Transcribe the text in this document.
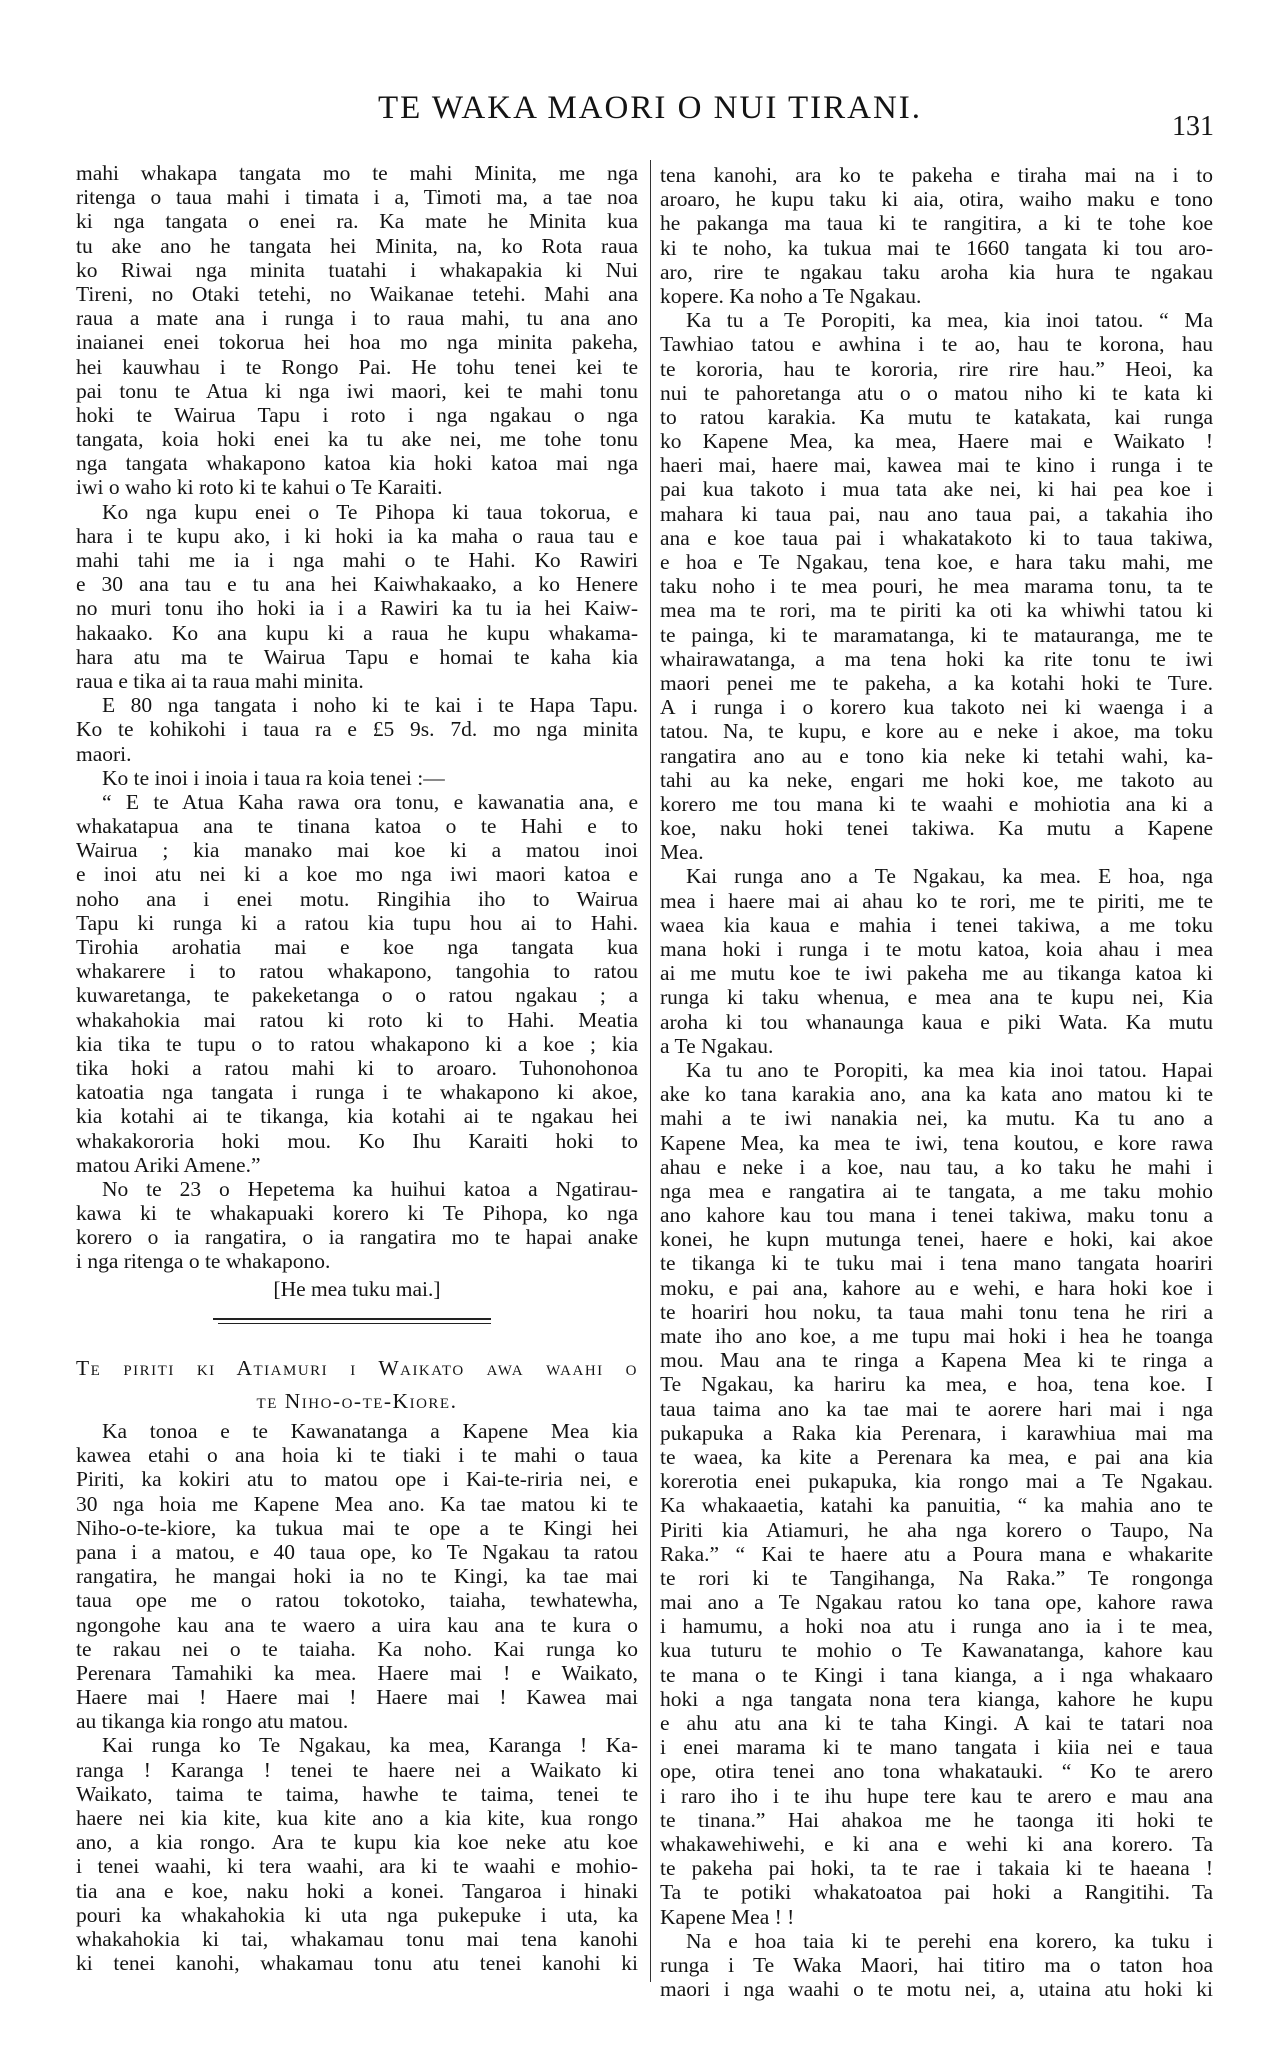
TE WAKA MAORI O NUI TIRANI.
131
mahi whakapa tangata mo te mahi Minita, me nga
ritenga o taua mahi i timata i a, Timoti ma, a tae noa
ki nga tangata o enei ra. Ka mate he Minita kua
tu ake ano he tangata hei Minita, na, ko Rota raua
ko Riwai nga minita tuatahi i whakapakia ki Nui
Tireni, no Otaki tetehi, no Waikanae tetehi. Mahi ana
raua a mate ana i runga i to raua mahi, tu ana ano
inaianei enei tokorua hei hoa mo nga minita pakeha,
hei kauwhau i te Rongo Pai. He tohu tenei kei te
pai tonu te Atua ki nga iwi maori, kei te mahi tonu
hoki te Wairua Tapu i roto i nga ngakau o nga
tangata, koia hoki enei ka tu ake nei, me tohe tonu
nga tangata whakapono katoa kia hoki katoa mai nga
iwi o waho ki roto ki te kahui o Te Karaiti.
Ko nga kupu enei o Te Pihopa ki taua tokorua, e
hara i te kupu ako, i ki hoki ia ka maha o raua tau e
mahi tahi me ia i nga mahi o te Hahi. Ko Rawiri
e 30 ana tau e tu ana hei Kaiwhakaako, a ko Henere
no muri tonu iho hoki ia i a Rawiri ka tu ia hei Kaiw-
hakaako. Ko ana kupu ki a raua he kupu whakama-
hara atu ma te Wairua Tapu e homai te kaha kia
raua e tika ai ta raua mahi minita.
E 80 nga tangata i noho ki te kai i te Hapa Tapu.
Ko te kohikohi i taua ra e £5 9s. 7d. mo nga minita
maori.
Ko te inoi i inoia i taua ra koia tenei :—
“ E te Atua Kaha rawa ora tonu, e kawanatia ana, e
whakatapua ana te tinana katoa o te Hahi e to
Wairua ; kia manako mai koe ki a matou inoi
e inoi atu nei ki a koe mo nga iwi maori katoa e
noho ana i enei motu. Ringihia iho to Wairua
Tapu ki runga ki a ratou kia tupu hou ai to Hahi.
Tirohia arohatia mai e koe nga tangata kua
whakarere i to ratou whakapono, tangohia to ratou
kuwaretanga, te pakeketanga o o ratou ngakau ; a
whakahokia mai ratou ki roto ki to Hahi. Meatia
kia tika te tupu o to ratou whakapono ki a koe ; kia
tika hoki a ratou mahi ki to aroaro. Tuhonohonoa
katoatia nga tangata i runga i te whakapono ki akoe,
kia kotahi ai te tikanga, kia kotahi ai te ngakau hei
whakakororia hoki mou. Ko Ihu Karaiti hoki to
matou Ariki Amene.”
No te 23 o Hepetema ka huihui katoa a Ngatirau-
kawa ki te whakapuaki korero ki Te Pihopa, ko nga
korero o ia rangatira, o ia rangatira mo te hapai anake
i nga ritenga o te whakapono.
[He mea tuku mai.]
Te piriti ki Atiamuri i Waikato awa waahi o
te Niho-o-te-Kiore.
Ka tonoa e te Kawanatanga a Kapene Mea kia
kawea etahi o ana hoia ki te tiaki i te mahi o taua
Piriti, ka kokiri atu to matou ope i Kai-te-riria nei, e
30 nga hoia me Kapene Mea ano. Ka tae matou ki te
Niho-o-te-kiore, ka tukua mai te ope a te Kingi hei
pana i a matou, e 40 taua ope, ko Te Ngakau ta ratou
rangatira, he mangai hoki ia no te Kingi, ka tae mai
taua ope me o ratou tokotoko, taiaha, tewhatewha,
ngongohe kau ana te waero a uira kau ana te kura o
te rakau nei o te taiaha. Ka noho. Kai runga ko
Perenara Tamahiki ka mea. Haere mai ! e Waikato,
Haere mai ! Haere mai ! Haere mai ! Kawea mai
au tikanga kia rongo atu matou.
Kai runga ko Te Ngakau, ka mea, Karanga ! Ka-
ranga ! Karanga ! tenei te haere nei a Waikato ki
Waikato, taima te taima, hawhe te taima, tenei te
haere nei kia kite, kua kite ano a kia kite, kua rongo
ano, a kia rongo. Ara te kupu kia koe neke atu koe
i tenei waahi, ki tera waahi, ara ki te waahi e mohio-
tia ana e koe, naku hoki a konei. Tangaroa i hinaki
pouri ka whakahokia ki uta nga pukepuke i uta, ka
whakahokia ki tai, whakamau tonu mai tena kanohi
ki tenei kanohi, whakamau tonu atu tenei kanohi ki
tena kanohi, ara ko te pakeha e tiraha mai na i to
aroaro, he kupu taku ki aia, otira, waiho maku e tono
he pakanga ma taua ki te rangitira, a ki te tohe koe
ki te noho, ka tukua mai te 1660 tangata ki tou aro-
aro, rire te ngakau taku aroha kia hura te ngakau
kopere. Ka noho a Te Ngakau.
Ka tu a Te Poropiti, ka mea, kia inoi tatou. “ Ma
Tawhiao tatou e awhina i te ao, hau te korona, hau
te kororia, hau te kororia, rire rire hau.” Heoi, ka
nui te pahoretanga atu o o matou niho ki te kata ki
to ratou karakia. Ka mutu te katakata, kai runga
ko Kapene Mea, ka mea, Haere mai e Waikato !
haeri mai, haere mai, kawea mai te kino i runga i te
pai kua takoto i mua tata ake nei, ki hai pea koe i
mahara ki taua pai, nau ano taua pai, a takahia iho
ana e koe taua pai i whakatakoto ki to taua takiwa,
e hoa e Te Ngakau, tena koe, e hara taku mahi, me
taku noho i te mea pouri, he mea marama tonu, ta te
mea ma te rori, ma te piriti ka oti ka whiwhi tatou ki
te painga, ki te maramatanga, ki te matauranga, me te
whairawatanga, a ma tena hoki ka rite tonu te iwi
maori penei me te pakeha, a ka kotahi hoki te Ture.
A i runga i o korero kua takoto nei ki waenga i a
tatou. Na, te kupu, e kore au e neke i akoe, ma toku
rangatira ano au e tono kia neke ki tetahi wahi, ka-
tahi au ka neke, engari me hoki koe, me takoto au
korero me tou mana ki te waahi e mohiotia ana ki a
koe, naku hoki tenei takiwa. Ka mutu a Kapene
Mea.
Kai runga ano a Te Ngakau, ka mea. E hoa, nga
mea i haere mai ai ahau ko te rori, me te piriti, me te
waea kia kaua e mahia i tenei takiwa, a me toku
mana hoki i runga i te motu katoa, koia ahau i mea
ai me mutu koe te iwi pakeha me au tikanga katoa ki
runga ki taku whenua, e mea ana te kupu nei, Kia
aroha ki tou whanaunga kaua e piki Wata. Ka mutu
a Te Ngakau.
Ka tu ano te Poropiti, ka mea kia inoi tatou. Hapai
ake ko tana karakia ano, ana ka kata ano matou ki te
mahi a te iwi nanakia nei, ka mutu. Ka tu ano a
Kapene Mea, ka mea te iwi, tena koutou, e kore rawa
ahau e neke i a koe, nau tau, a ko taku he mahi i
nga mea e rangatira ai te tangata, a me taku mohio
ano kahore kau tou mana i tenei takiwa, maku tonu a
konei, he kupn mutunga tenei, haere e hoki, kai akoe
te tikanga ki te tuku mai i tena mano tangata hoariri
moku, e pai ana, kahore au e wehi, e hara hoki koe i
te hoariri hou noku, ta taua mahi tonu tena he riri a
mate iho ano koe, a me tupu mai hoki i hea he toanga
mou. Mau ana te ringa a Kapena Mea ki te ringa a
Te Ngakau, ka hariru ka mea, e hoa, tena koe. I
taua taima ano ka tae mai te aorere hari mai i nga
pukapuka a Raka kia Perenara, i karawhiua mai ma
te waea, ka kite a Perenara ka mea, e pai ana kia
korerotia enei pukapuka, kia rongo mai a Te Ngakau.
Ka whakaaetia, katahi ka panuitia, “ ka mahia ano te
Piriti kia Atiamuri, he aha nga korero o Taupo, Na
Raka.” “ Kai te haere atu a Poura mana e whakarite
te rori ki te Tangihanga, Na Raka.” Te rongonga
mai ano a Te Ngakau ratou ko tana ope, kahore rawa
i hamumu, a hoki noa atu i runga ano ia i te mea,
kua tuturu te mohio o Te Kawanatanga, kahore kau
te mana o te Kingi i tana kianga, a i nga whakaaro
hoki a nga tangata nona tera kianga, kahore he kupu
e ahu atu ana ki te taha Kingi. A kai te tatari noa
i enei marama ki te mano tangata i kiia nei e taua
ope, otira tenei ano tona whakatauki. “ Ko te arero
i raro iho i te ihu hupe tere kau te arero e mau ana
te tinana.” Hai ahakoa me he taonga iti hoki te
whakawehiwehi, e ki ana e wehi ki ana korero. Ta
te pakeha pai hoki, ta te rae i takaia ki te haeana !
Ta te potiki whakatoatoa pai hoki a Rangitihi. Ta
Kapene Mea ! !
Na e hoa taia ki te perehi ena korero, ka tuku i
runga i Te Waka Maori, hai titiro ma o taton hoa
maori i nga waahi o te motu nei, a, utaina atu hoki ki
